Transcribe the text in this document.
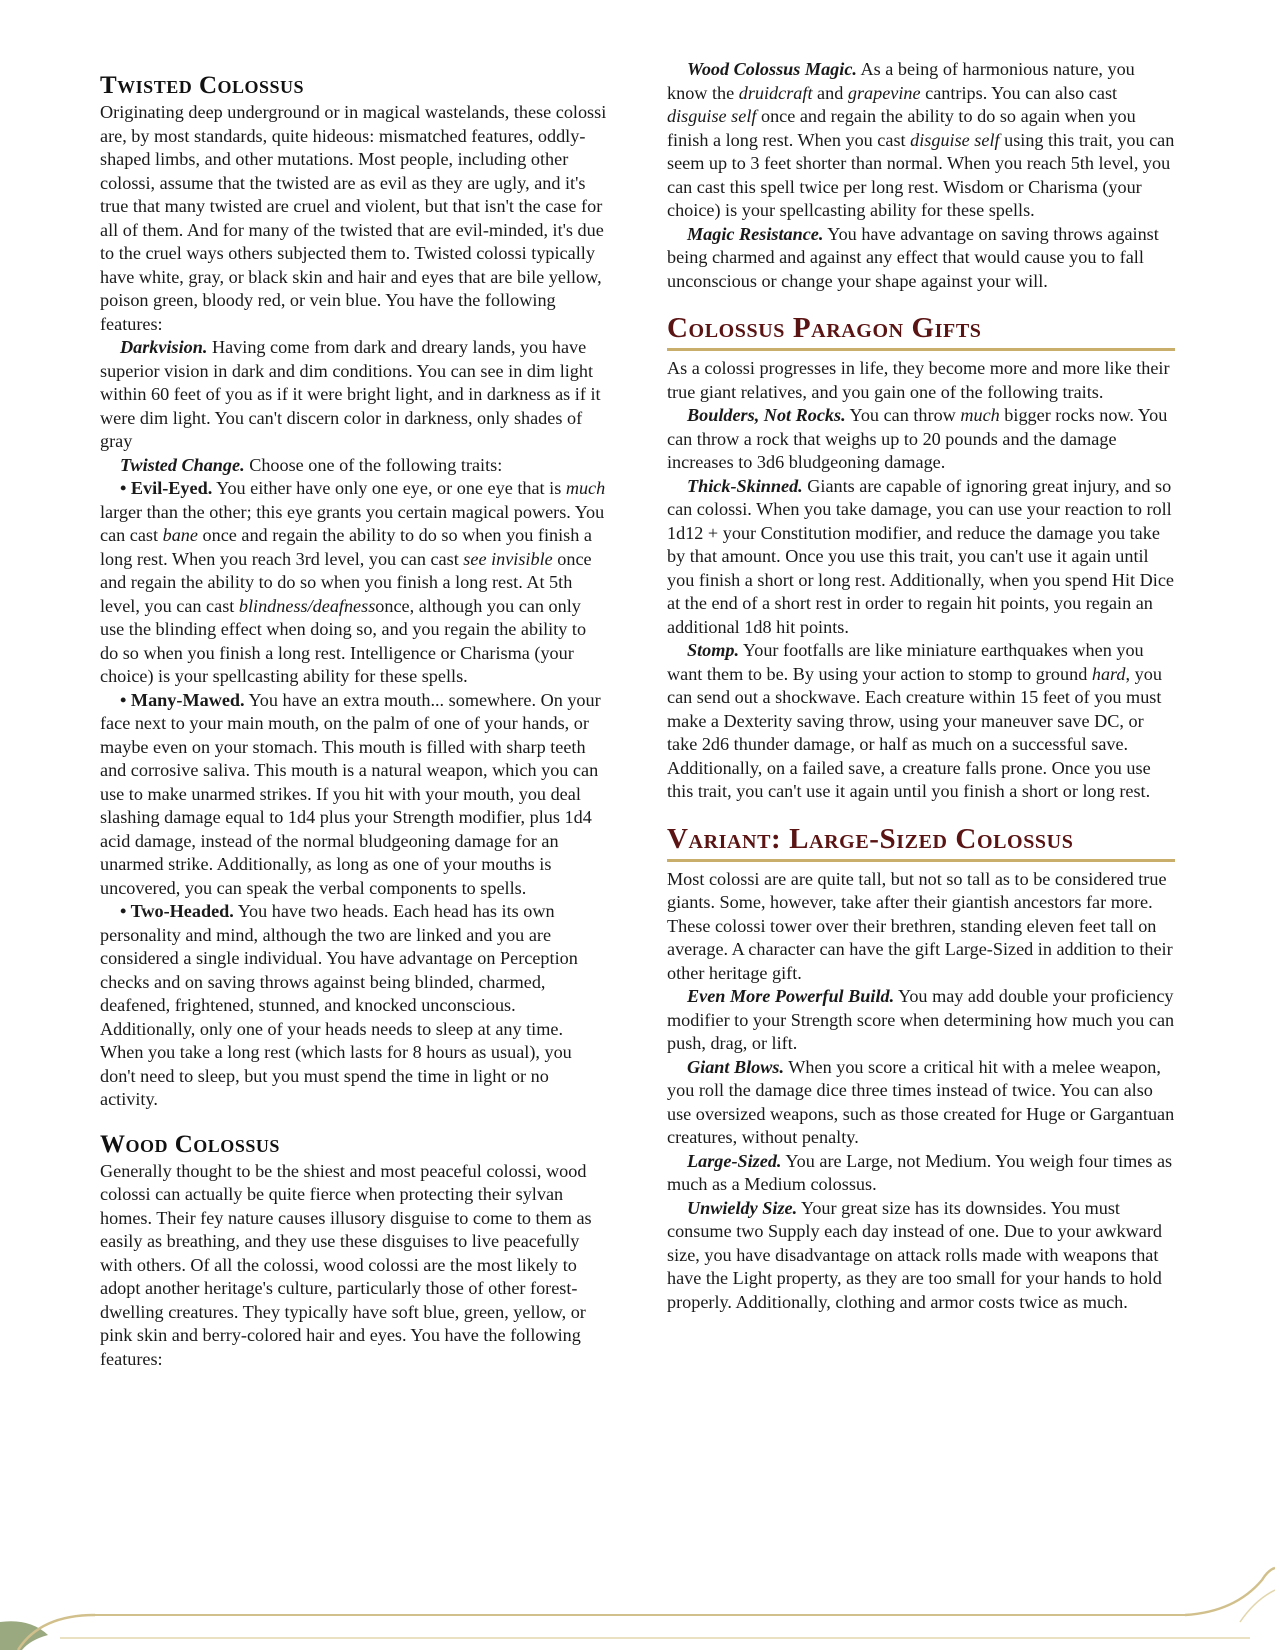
Twisted Colossus

Originating deep underground or in magical wastelands, these colossi are, by most standards, quite hideous: mismatched features, oddly-shaped limbs, and other mutations. Most people, including other colossi, assume that the twisted are as evil as they are ugly, and it's true that many twisted are cruel and violent, but that isn't the case for all of them. And for many of the twisted that are evil-minded, it's due to the cruel ways others subjected them to. Twisted colossi typically have white, gray, or black skin and hair and eyes that are bile yellow, poison green, bloody red, or vein blue. You have the following features:

Darkvision. Having come from dark and dreary lands, you have superior vision in dark and dim conditions. You can see in dim light within 60 feet of you as if it were bright light, and in darkness as if it were dim light. You can't discern color in darkness, only shades of gray

Twisted Change. Choose one of the following traits:

• Evil-Eyed. You either have only one eye, or one eye that is much larger than the other; this eye grants you certain magical powers. You can cast bane once and regain the ability to do so when you finish a long rest. When you reach 3rd level, you can cast see invisible once and regain the ability to do so when you finish a long rest. At 5th level, you can cast blindness/deafnessonce, although you can only use the blinding effect when doing so, and you regain the ability to do so when you finish a long rest. Intelligence or Charisma (your choice) is your spellcasting ability for these spells.

• Many-Mawed. You have an extra mouth... somewhere. On your face next to your main mouth, on the palm of one of your hands, or maybe even on your stomach. This mouth is filled with sharp teeth and corrosive saliva. This mouth is a natural weapon, which you can use to make unarmed strikes. If you hit with your mouth, you deal slashing damage equal to 1d4 plus your Strength modifier, plus 1d4 acid damage, instead of the normal bludgeoning damage for an unarmed strike. Additionally, as long as one of your mouths is uncovered, you can speak the verbal components to spells.

• Two-Headed. You have two heads. Each head has its own personality and mind, although the two are linked and you are considered a single individual. You have advantage on Perception checks and on saving throws against being blinded, charmed, deafened, frightened, stunned, and knocked unconscious. Additionally, only one of your heads needs to sleep at any time. When you take a long rest (which lasts for 8 hours as usual), you don't need to sleep, but you must spend the time in light or no activity.

Wood Colossus

Generally thought to be the shiest and most peaceful colossi, wood colossi can actually be quite fierce when protecting their sylvan homes. Their fey nature causes illusory disguise to come to them as easily as breathing, and they use these disguises to live peacefully with others. Of all the colossi, wood colossi are the most likely to adopt another heritage's culture, particularly those of other forest-dwelling creatures. They typically have soft blue, green, yellow, or pink skin and berry-colored hair and eyes. You have the following features:

Wood Colossus Magic. As a being of harmonious nature, you know the druidcraft and grapevine cantrips. You can also cast disguise self once and regain the ability to do so again when you finish a long rest. When you cast disguise self using this trait, you can seem up to 3 feet shorter than normal. When you reach 5th level, you can cast this spell twice per long rest. Wisdom or Charisma (your choice) is your spellcasting ability for these spells.

Magic Resistance. You have advantage on saving throws against being charmed and against any effect that would cause you to fall unconscious or change your shape against your will.

Colossus Paragon Gifts

As a colossi progresses in life, they become more and more like their true giant relatives, and you gain one of the following traits.

Boulders, Not Rocks. You can throw much bigger rocks now. You can throw a rock that weighs up to 20 pounds and the damage increases to 3d6 bludgeoning damage.

Thick-Skinned. Giants are capable of ignoring great injury, and so can colossi. When you take damage, you can use your reaction to roll 1d12 + your Constitution modifier, and reduce the damage you take by that amount. Once you use this trait, you can't use it again until you finish a short or long rest. Additionally, when you spend Hit Dice at the end of a short rest in order to regain hit points, you regain an additional 1d8 hit points.

Stomp. Your footfalls are like miniature earthquakes when you want them to be. By using your action to stomp to ground hard, you can send out a shockwave. Each creature within 15 feet of you must make a Dexterity saving throw, using your maneuver save DC, or take 2d6 thunder damage, or half as much on a successful save. Additionally, on a failed save, a creature falls prone. Once you use this trait, you can't use it again until you finish a short or long rest.

Variant: Large-Sized Colossus

Most colossi are are quite tall, but not so tall as to be considered true giants. Some, however, take after their giantish ancestors far more. These colossi tower over their brethren, standing eleven feet tall on average. A character can have the gift Large-Sized in addition to their other heritage gift.

Even More Powerful Build. You may add double your proficiency modifier to your Strength score when determining how much you can push, drag, or lift.

Giant Blows. When you score a critical hit with a melee weapon, you roll the damage dice three times instead of twice. You can also use oversized weapons, such as those created for Huge or Gargantuan creatures, without penalty.

Large-Sized. You are Large, not Medium. You weigh four times as much as a Medium colossus.

Unwieldy Size. Your great size has its downsides. You must consume two Supply each day instead of one. Due to your awkward size, you have disadvantage on attack rolls made with weapons that have the Light property, as they are too small for your hands to hold properly. Additionally, clothing and armor costs twice as much.
